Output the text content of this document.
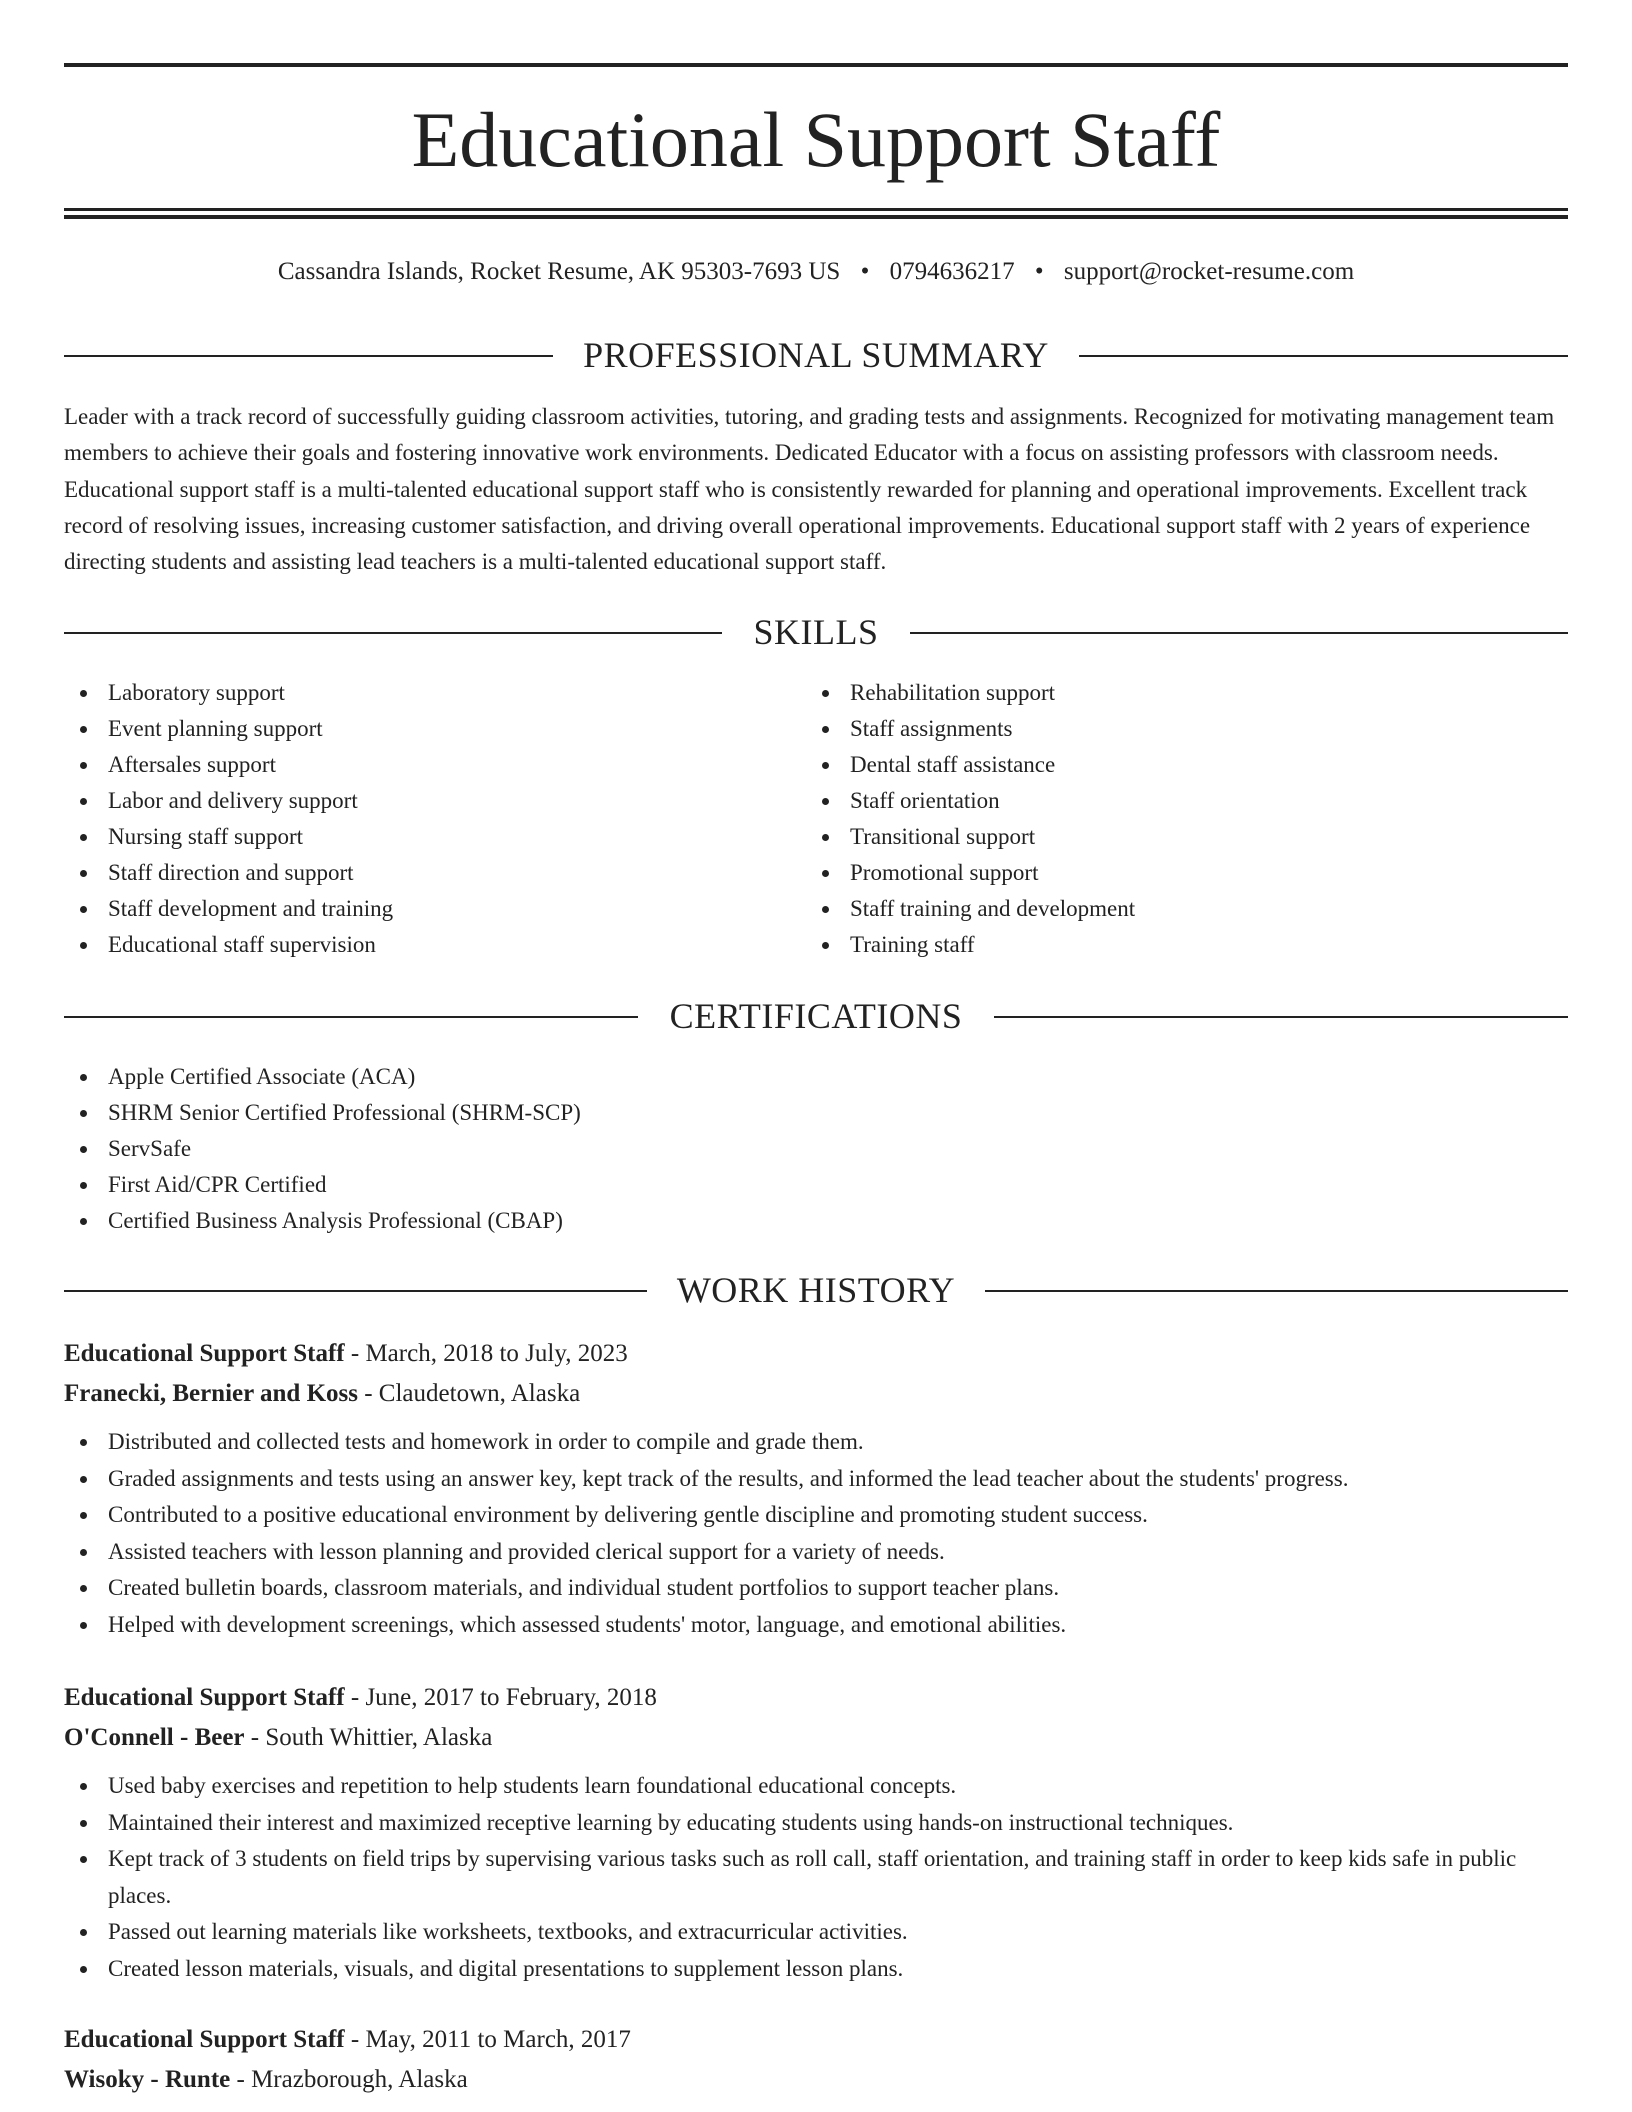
Educational Support Staff
Cassandra Islands, Rocket Resume, AK 95303-7693 US • 0794636217 • support@rocket-resume.com
PROFESSIONAL SUMMARY
Leader with a track record of successfully guiding classroom activities, tutoring, and grading tests and assignments. Recognized for motivating management team members to achieve their goals and fostering innovative work environments. Dedicated Educator with a focus on assisting professors with classroom needs. Educational support staff is a multi-talented educational support staff who is consistently rewarded for planning and operational improvements. Excellent track record of resolving issues, increasing customer satisfaction, and driving overall operational improvements. Educational support staff with 2 years of experience directing students and assisting lead teachers is a multi-talented educational support staff.
SKILLS
Laboratory support
Event planning support
Aftersales support
Labor and delivery support
Nursing staff support
Staff direction and support
Staff development and training
Educational staff supervision
Rehabilitation support
Staff assignments
Dental staff assistance
Staff orientation
Transitional support
Promotional support
Staff training and development
Training staff
CERTIFICATIONS
Apple Certified Associate (ACA)
SHRM Senior Certified Professional (SHRM-SCP)
ServSafe
First Aid/CPR Certified
Certified Business Analysis Professional (CBAP)
WORK HISTORY
Educational Support Staff - March, 2018 to July, 2023
Franecki, Bernier and Koss - Claudetown, Alaska
Distributed and collected tests and homework in order to compile and grade them.
Graded assignments and tests using an answer key, kept track of the results, and informed the lead teacher about the students' progress.
Contributed to a positive educational environment by delivering gentle discipline and promoting student success.
Assisted teachers with lesson planning and provided clerical support for a variety of needs.
Created bulletin boards, classroom materials, and individual student portfolios to support teacher plans.
Helped with development screenings, which assessed students' motor, language, and emotional abilities.
Educational Support Staff - June, 2017 to February, 2018
O'Connell - Beer - South Whittier, Alaska
Used baby exercises and repetition to help students learn foundational educational concepts.
Maintained their interest and maximized receptive learning by educating students using hands-on instructional techniques.
Kept track of 3 students on field trips by supervising various tasks such as roll call, staff orientation, and training staff in order to keep kids safe in public places.
Passed out learning materials like worksheets, textbooks, and extracurricular activities.
Created lesson materials, visuals, and digital presentations to supplement lesson plans.
Educational Support Staff - May, 2011 to March, 2017
Wisoky - Runte - Mrazborough, Alaska
